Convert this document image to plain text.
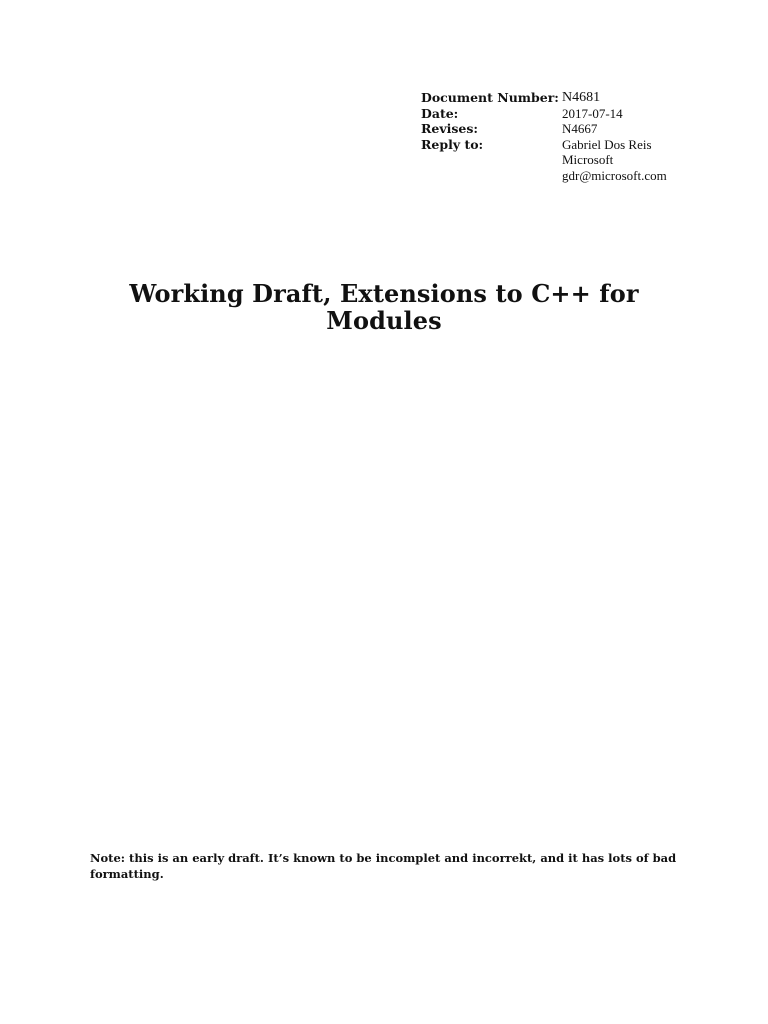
Document Number:	N4681

Date:	2017-07-14

Revises:	N4667

Reply to:	Gabriel Dos Reis
Microsoft
gdr@microsoft.com
Working Draft, Extensions to C++ for
Modules
Note: this is an early draft. It’s known to be incomplet and incorrekt, and it has lots of bad formatting.
